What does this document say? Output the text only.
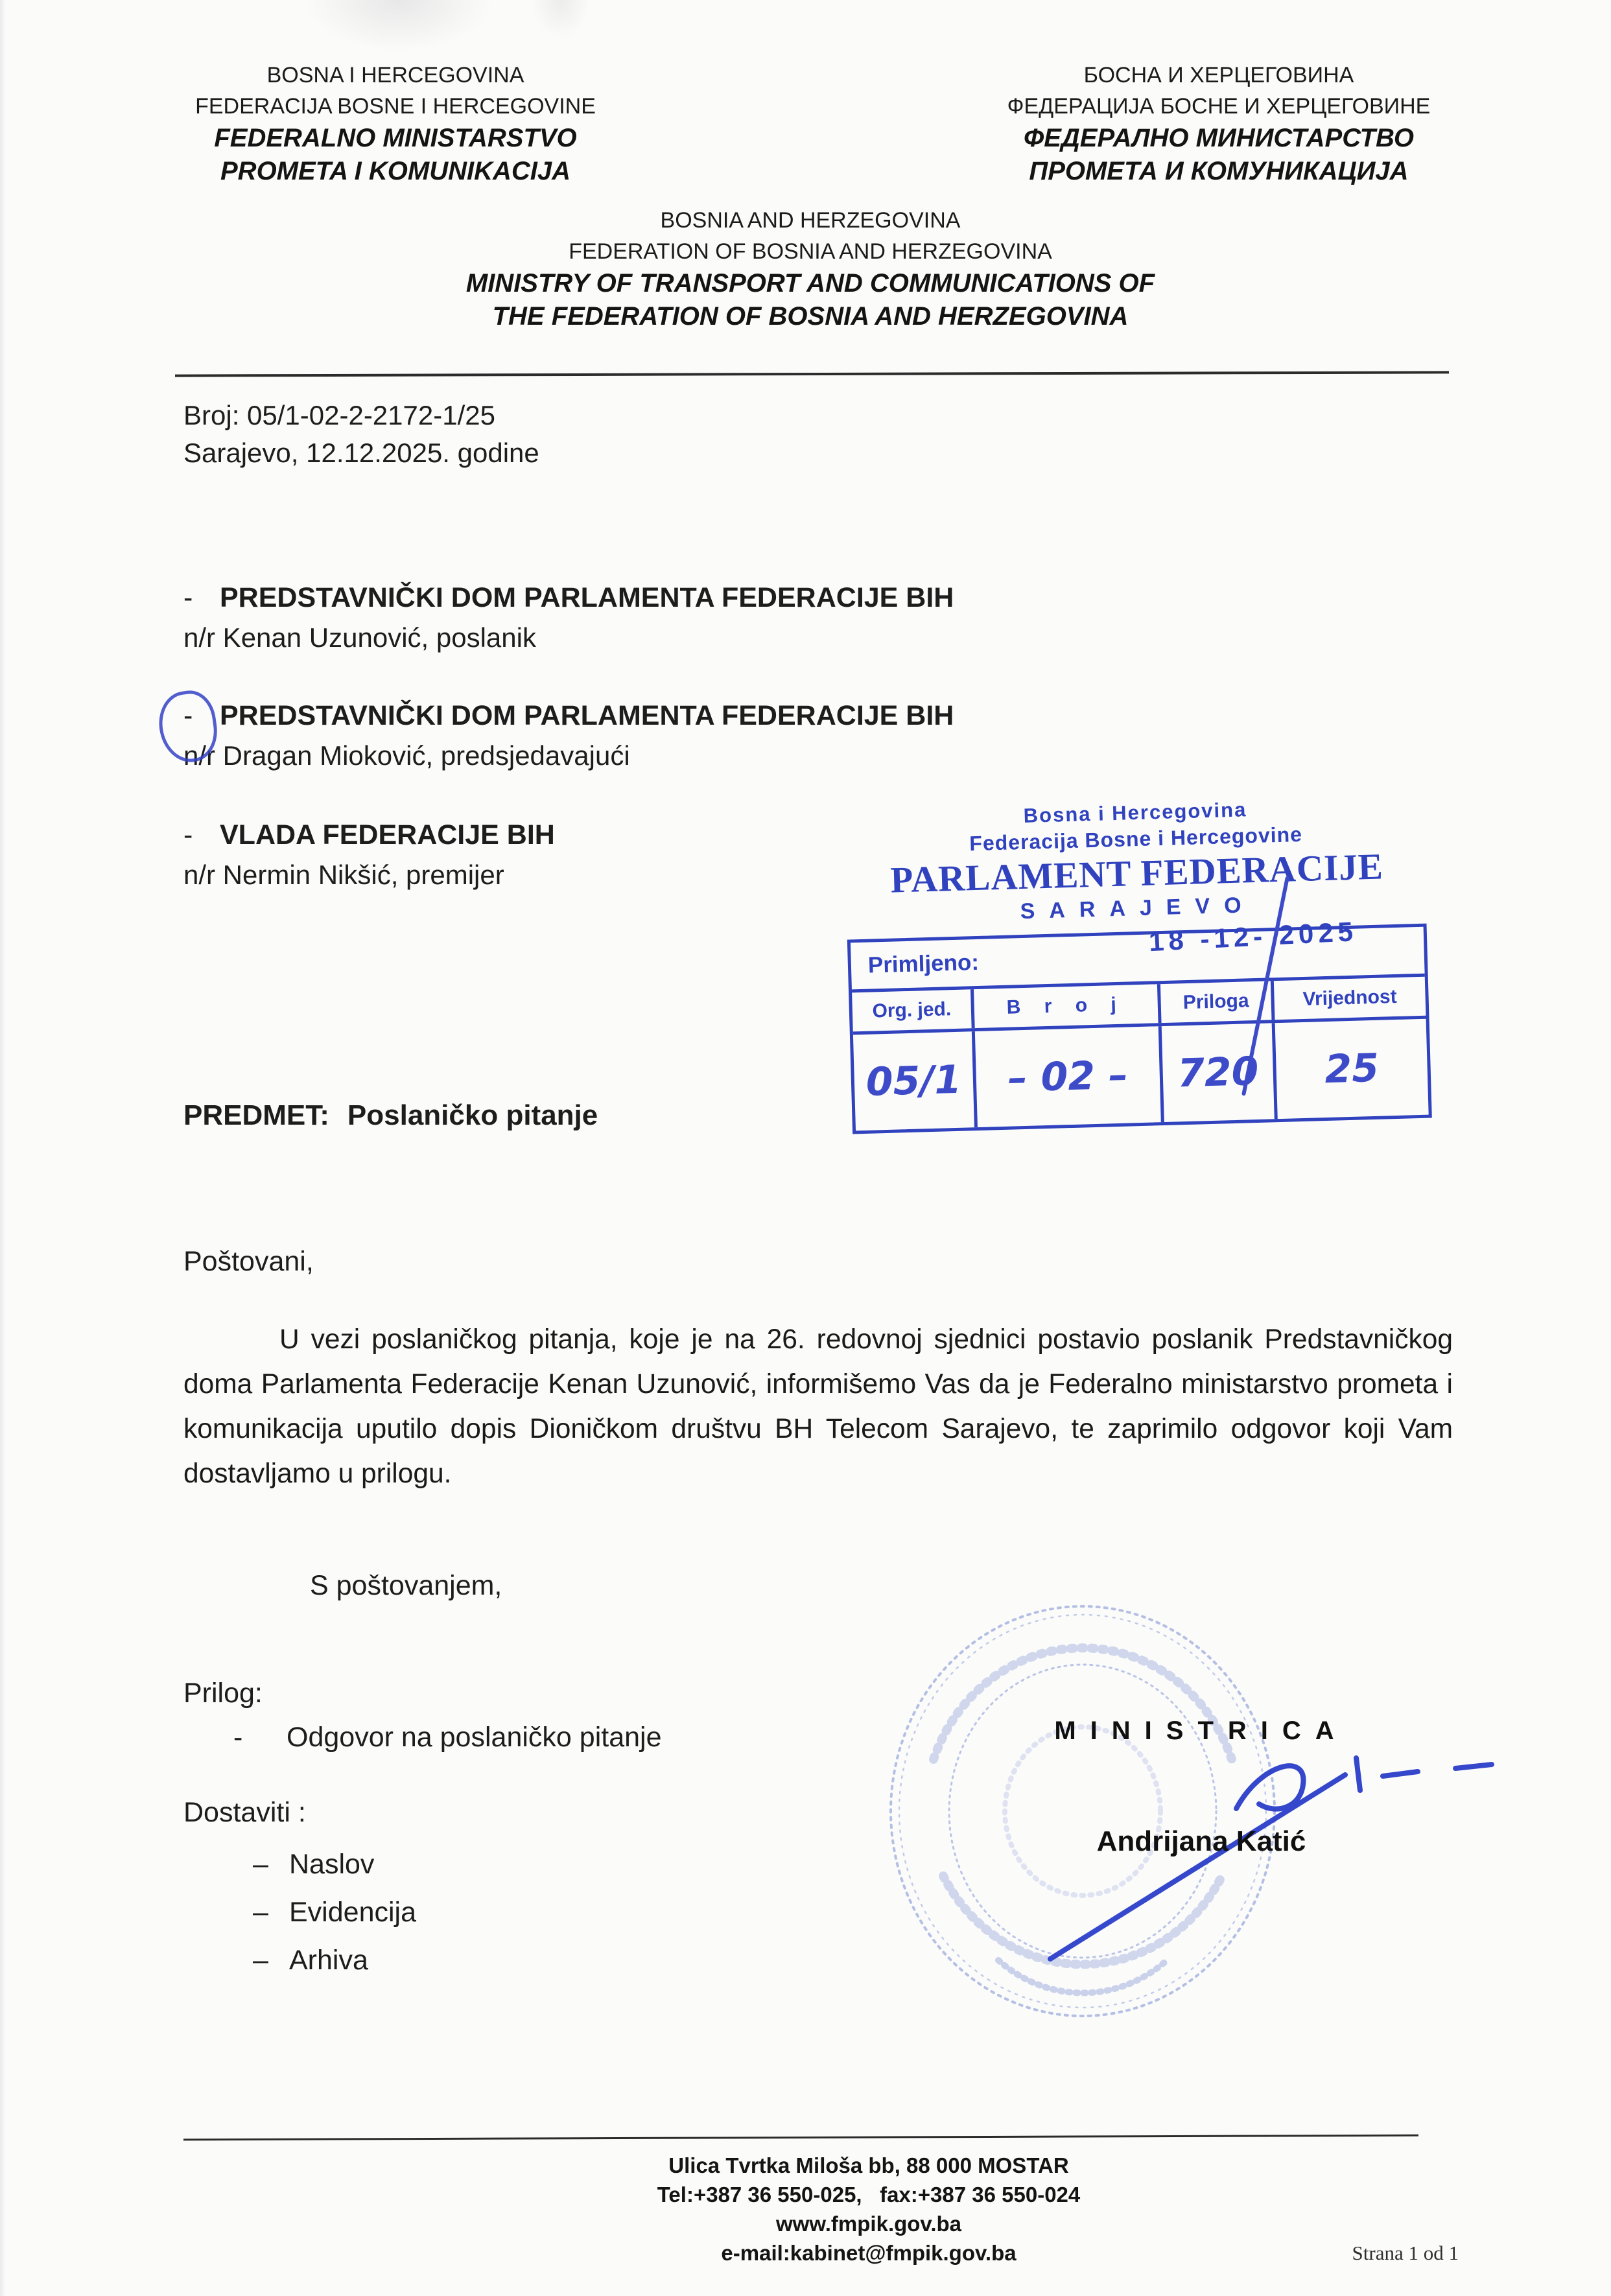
BOSNA I HERCEGOVINA
FEDERACIJA BOSNE I HERCEGOVINE
FEDERALNO MINISTARSTVO
PROMETA I KOMUNIKACIJA
БОСНА И ХЕРЦЕГОВИНА
ФЕДЕРАЦИЈА БОСНЕ И ХЕРЦЕГОВИНЕ
ФЕДЕРАЛНО МИНИСТАРСТВО
ПРОМЕТА И КОМУНИКАЦИЈА
BOSNIA AND HERZEGOVINA
FEDERATION OF BOSNIA AND HERZEGOVINA
MINISTRY OF TRANSPORT AND COMMUNICATIONS OF
THE FEDERATION OF BOSNIA AND HERZEGOVINA
Broj: 05/1-02-2-2172-1/25
Sarajevo, 12.12.2025. godine
- PREDSTAVNIČKI DOM PARLAMENTA FEDERACIJE BIH
n/r Kenan Uzunović, poslanik
- PREDSTAVNIČKI DOM PARLAMENTA FEDERACIJE BIH
n/r Dragan Mioković, predsjedavajući
- VLADA FEDERACIJE BIH
n/r Nermin Nikšić, premijer
Bosna i Hercegovina
Federacija Bosne i Hercegovine
PARLAMENT FEDERACIJE
SARAJEVO
Primljeno:
18 -12- 2025
Org. jed.	B r o j	Priloga	Vrijednost
05/1	– 02 –	720	25
PREDMET: Poslaničko pitanje
Poštovani,
U vezi poslaničkog pitanja, koje je na 26. redovnoj sjednici postavio poslanik Predstavničkog doma Parlamenta Federacije Kenan Uzunović, informišemo Vas da je Federalno ministarstvo prometa i komunikacija uputilo dopis Dioničkom društvu BH Telecom Sarajevo, te zaprimilo odgovor koji Vam dostavljamo u prilogu.
S poštovanjem,
Prilog:
-	Odgovor na poslaničko pitanje
Dostaviti :
– Naslov
– Evidencija
– Arhiva
MINISTRICA
Andrijana Katić
Ulica Tvrtka Miloša bb, 88 000 MOSTAR
Tel:+387 36 550-025,   fax:+387 36 550-024
www.fmpik.gov.ba
e-mail:kabinet@fmpik.gov.ba	Strana 1 od 1
